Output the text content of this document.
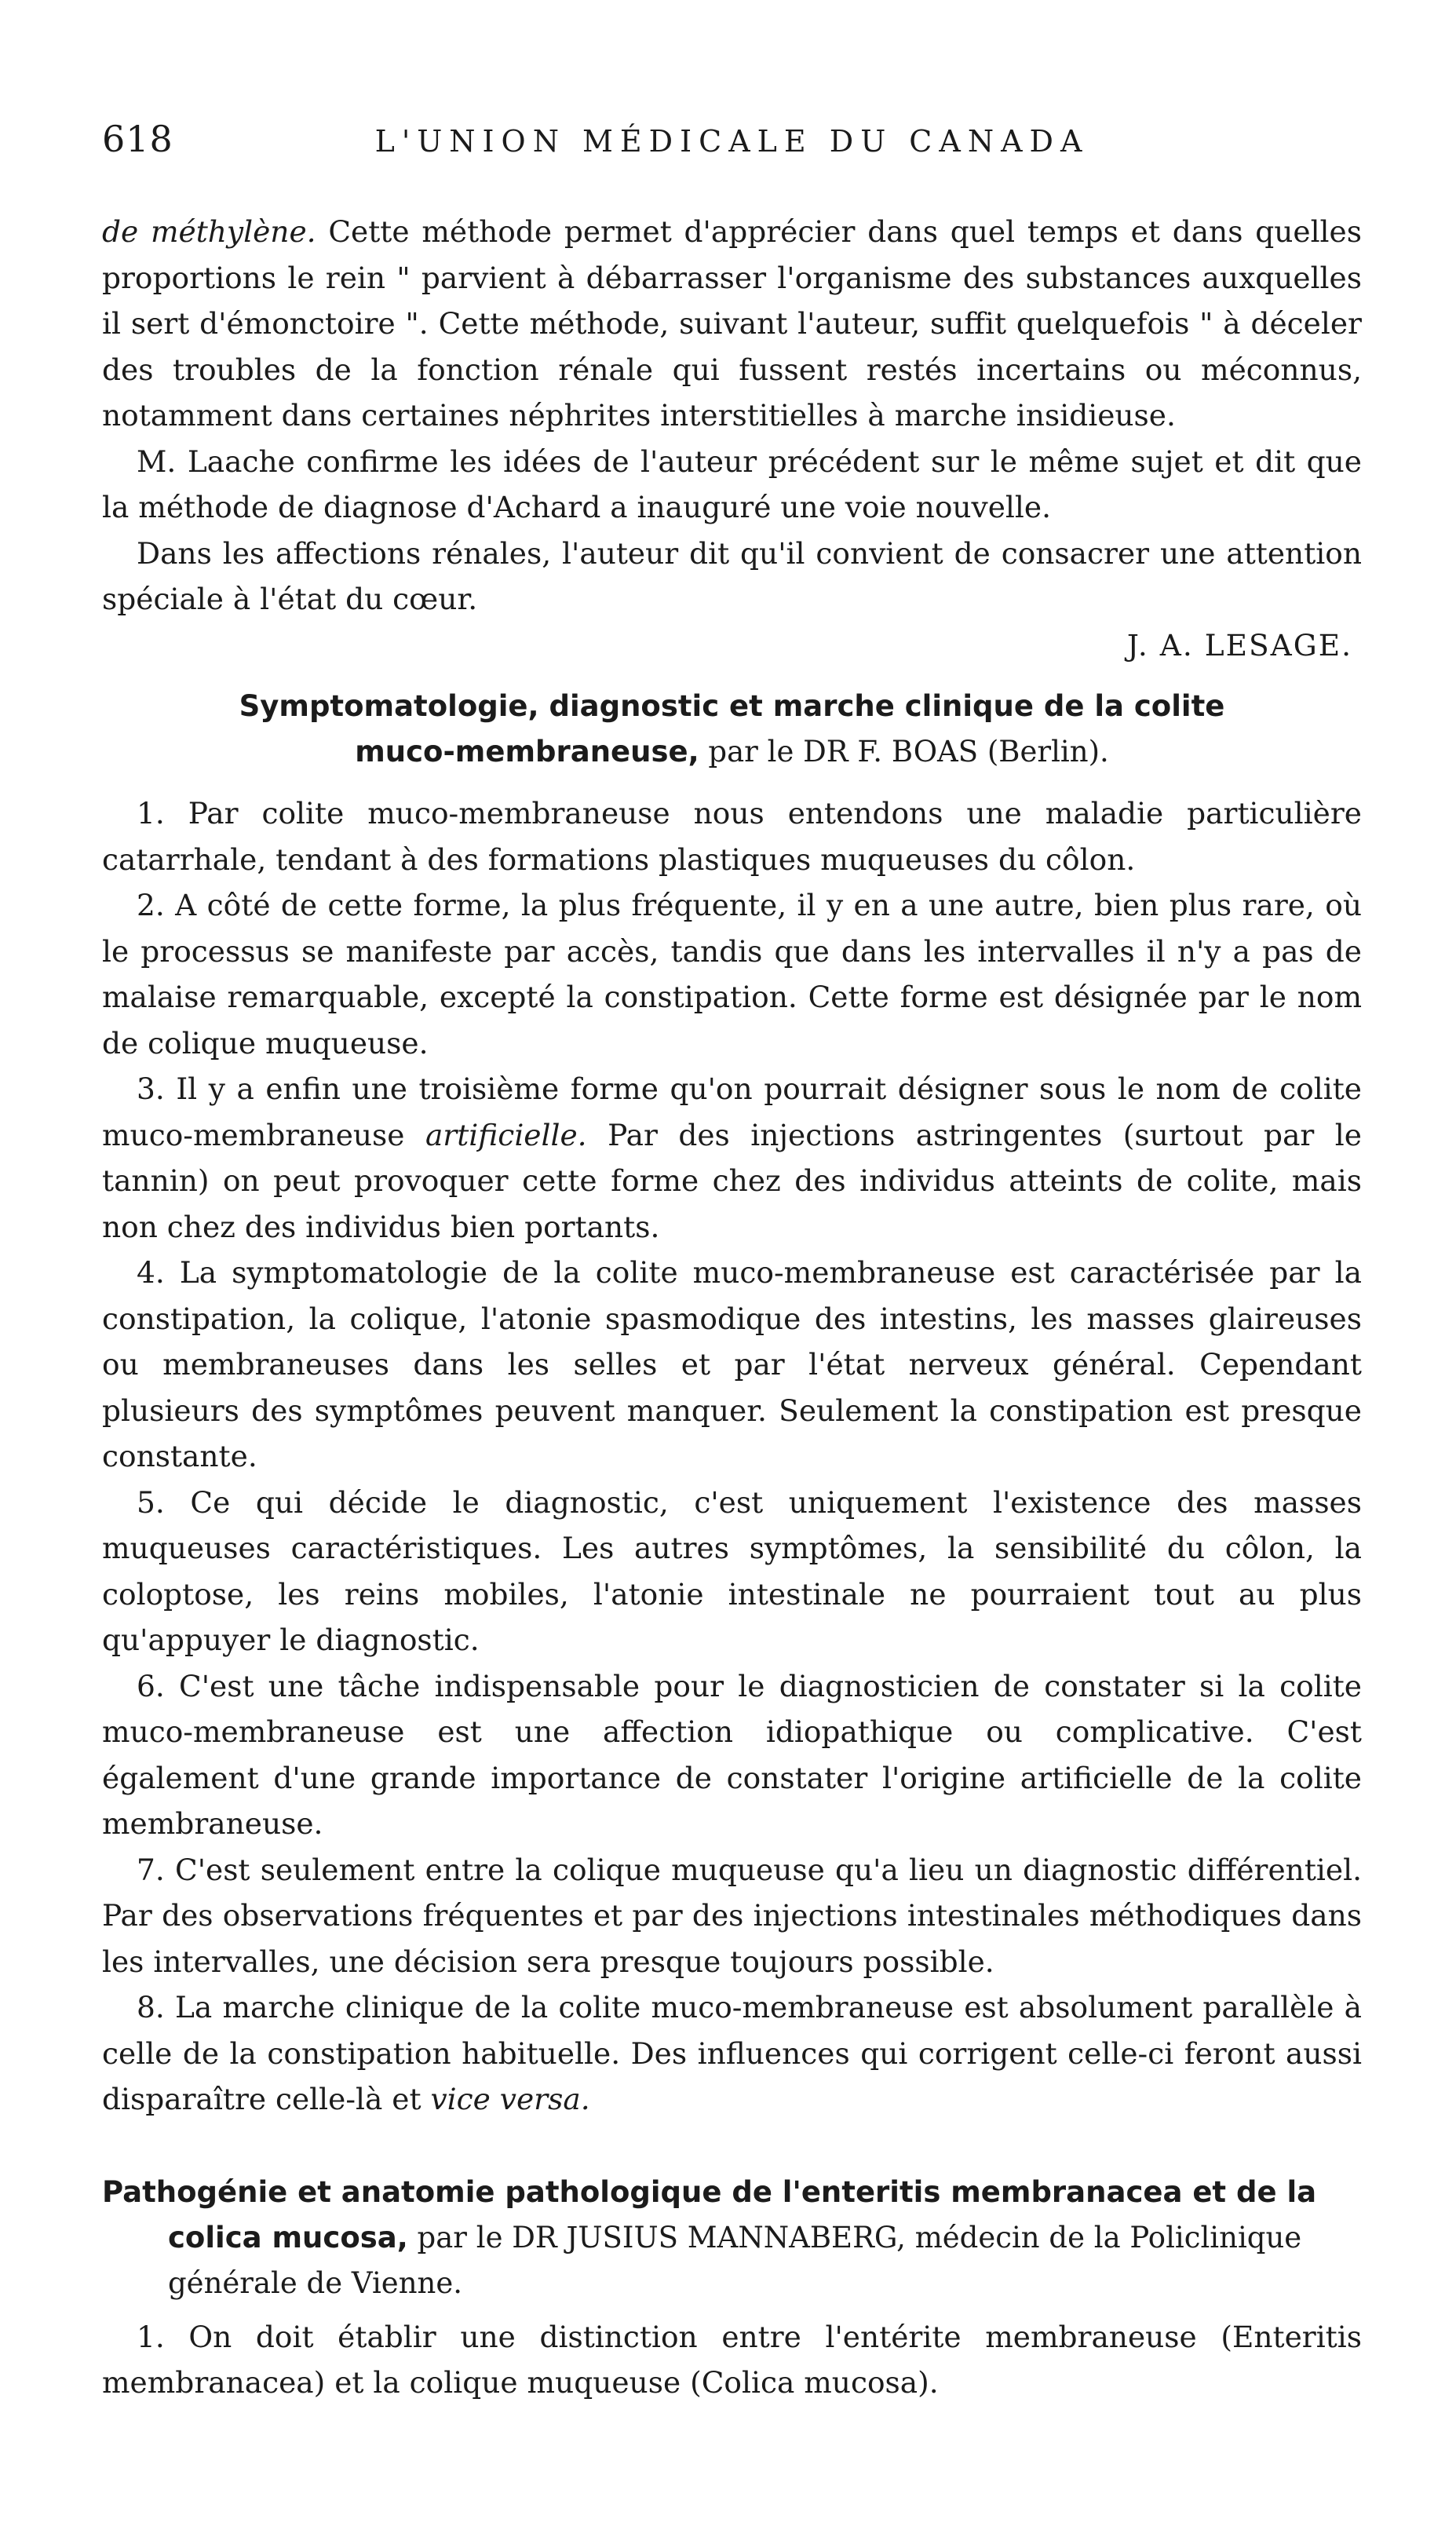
618	L'UNION MÉDICALE DU CANADA

de méthylène. Cette méthode permet d'apprécier dans quel temps et dans quelles proportions le rein " parvient à débarrasser l'organisme des substances auxquelles il sert d'émonctoire ". Cette méthode, suivant l'auteur, suffit quelquefois " à déceler des troubles de la fonction rénale qui fussent restés incertains ou méconnus, notamment dans certaines néphrites interstitielles à marche insidieuse.

M. Laache confirme les idées de l'auteur précédent sur le même sujet et dit que la méthode de diagnose d'Achard a inauguré une voie nouvelle.

Dans les affections rénales, l'auteur dit qu'il convient de consacrer une attention spéciale à l'état du cœur.

J. A. LESAGE.
Symptomatologie, diagnostic et marche clinique de la colite
muco-membraneuse, par le DR F. BOAS (Berlin).

1. Par colite muco-membraneuse nous entendons une maladie particulière catarrhale, tendant à des formations plastiques muqueuses du côlon.

2. A côté de cette forme, la plus fréquente, il y en a une autre, bien plus rare, où le processus se manifeste par accès, tandis que dans les intervalles il n'y a pas de malaise remarquable, excepté la constipation. Cette forme est désignée par le nom de colique muqueuse.

3. Il y a enfin une troisième forme qu'on pourrait désigner sous le nom de colite muco-membraneuse artificielle. Par des injections astringentes (surtout par le tannin) on peut provoquer cette forme chez des individus atteints de colite, mais non chez des individus bien portants.

4. La symptomatologie de la colite muco-membraneuse est caractérisée par la constipation, la colique, l'atonie spasmodique des intestins, les masses glaireuses ou membraneuses dans les selles et par l'état nerveux général. Cependant plusieurs des symptômes peuvent manquer. Seulement la constipation est presque constante.

5. Ce qui décide le diagnostic, c'est uniquement l'existence des masses muqueuses caractéristiques. Les autres symptômes, la sensibilité du côlon, la coloptose, les reins mobiles, l'atonie intestinale ne pourraient tout au plus qu'appuyer le diagnostic.

6. C'est une tâche indispensable pour le diagnosticien de constater si la colite muco-membraneuse est une affection idiopathique ou complicative. C'est également d'une grande importance de constater l'origine artificielle de la colite membraneuse.

7. C'est seulement entre la colique muqueuse qu'a lieu un diagnostic différentiel. Par des observations fréquentes et par des injections intestinales méthodiques dans les intervalles, une décision sera presque toujours possible.

8. La marche clinique de la colite muco-membraneuse est absolument parallèle à celle de la constipation habituelle. Des influences qui corrigent celle-ci feront aussi disparaître celle-là et vice versa.

Pathogénie et anatomie pathologique de l'enteritis membranacea et de la colica mucosa, par le DR JUSIUS MANNABERG, médecin de la Policlinique générale de Vienne.

1. On doit établir une distinction entre l'entérite membraneuse (Enteritis membranacea) et la colique muqueuse (Colica mucosa).
